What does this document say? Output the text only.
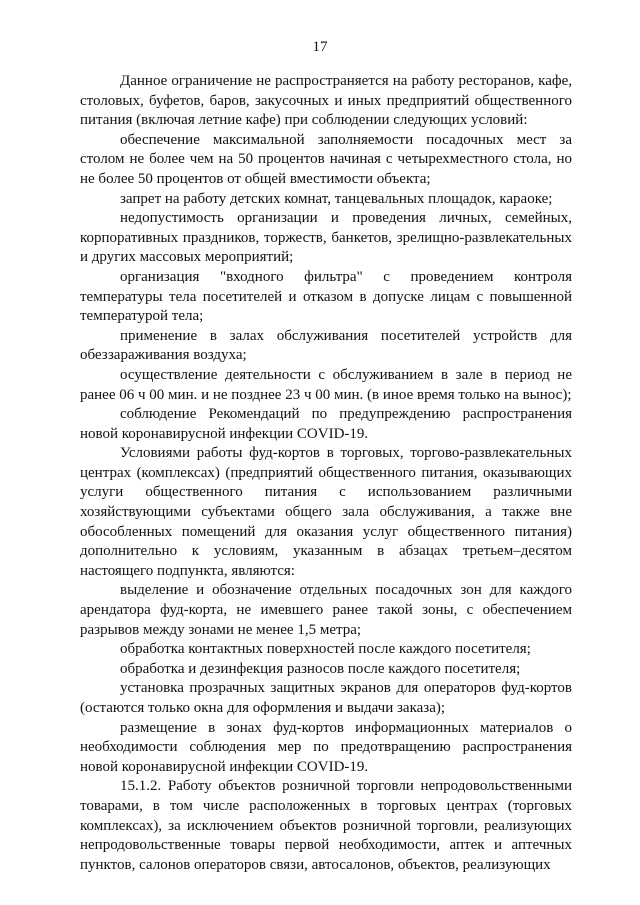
17

Данное ограничение не распространяется на работу ресторанов, кафе, столовых, буфетов, баров, закусочных и иных предприятий общественного питания (включая летние кафе) при соблюдении следующих условий:

обеспечение максимальной заполняемости посадочных мест за столом не более чем на 50 процентов начиная с четырехместного стола, но не более 50 процентов от общей вместимости объекта;

запрет на работу детских комнат, танцевальных площадок, караоке;

недопустимость организации и проведения личных, семейных, корпоративных праздников, торжеств, банкетов, зрелищно-развлекательных и других массовых мероприятий;

организация "входного фильтра" с проведением контроля температуры тела посетителей и отказом в допуске лицам с повышенной температурой тела;

применение в залах обслуживания посетителей устройств для обеззараживания воздуха;

осуществление деятельности с обслуживанием в зале в период не ранее 06 ч 00 мин. и не позднее 23 ч 00 мин. (в иное время только на вынос);

соблюдение Рекомендаций по предупреждению распространения новой коронавирусной инфекции COVID-19.

Условиями работы фуд-кортов в торговых, торгово-развлекательных центрах (комплексах) (предприятий общественного питания, оказывающих услуги общественного питания с использованием различными хозяйствующими субъектами общего зала обслуживания, а также вне обособленных помещений для оказания услуг общественного питания) дополнительно к условиям, указанным в абзацах третьем–десятом настоящего подпункта, являются:

выделение и обозначение отдельных посадочных зон для каждого арендатора фуд-корта, не имевшего ранее такой зоны, с обеспечением разрывов между зонами не менее 1,5 метра;

обработка контактных поверхностей после каждого посетителя;

обработка и дезинфекция разносов после каждого посетителя;

установка прозрачных защитных экранов для операторов фуд-кортов (остаются только окна для оформления и выдачи заказа);

размещение в зонах фуд-кортов информационных материалов о необходимости соблюдения мер по предотвращению распространения новой коронавирусной инфекции COVID-19.

15.1.2. Работу объектов розничной торговли непродовольственными товарами, в том числе расположенных в торговых центрах (торговых комплексах), за исключением объектов розничной торговли, реализующих непродовольственные товары первой необходимости, аптек и аптечных пунктов, салонов операторов связи, автосалонов, объектов, реализующих
